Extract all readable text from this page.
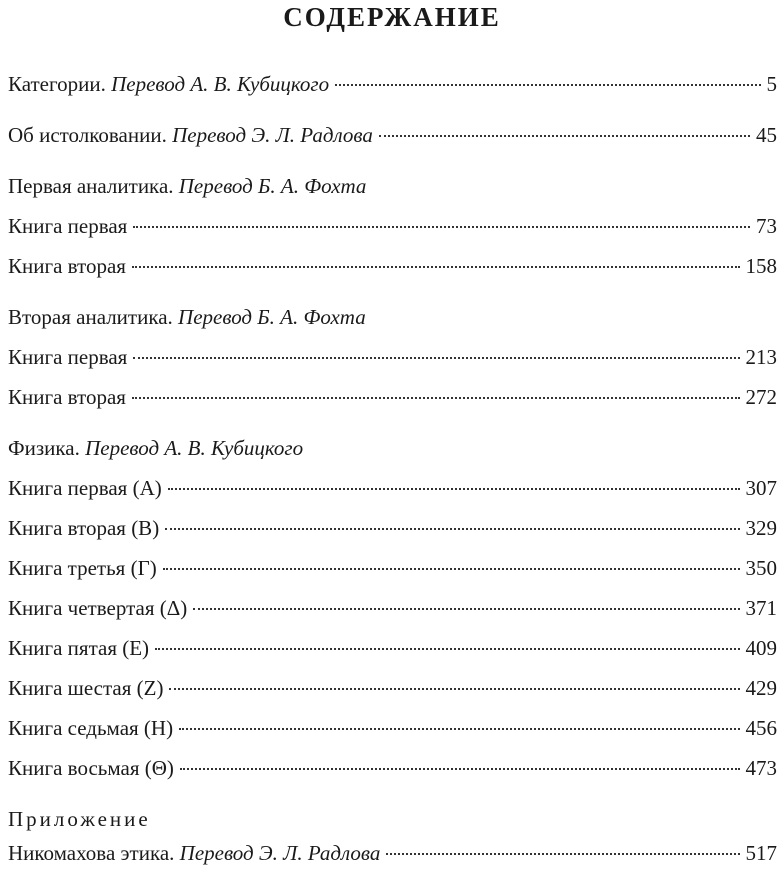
СОДЕРЖАНИЕ
Категории. Перевод А. В. Кубицкого	5
Об истолковании. Перевод Э. Л. Радлова	45
Первая аналитика. Перевод Б. А. Фохта
Книга первая	73
Книга вторая	158
Вторая аналитика. Перевод Б. А. Фохта
Книга первая	213
Книга вторая	272
Физика. Перевод А. В. Кубицкого
Книга первая (A)	307
Книга вторая (B)	329
Книга третья (Г)	350
Книга четвертая (Δ)	371
Книга пятая (E)	409
Книга шестая (Z)	429
Книга седьмая (H)	456
Книга восьмая (Θ)	473
Приложение
Никомахова этика. Перевод Э. Л. Радлова	517
